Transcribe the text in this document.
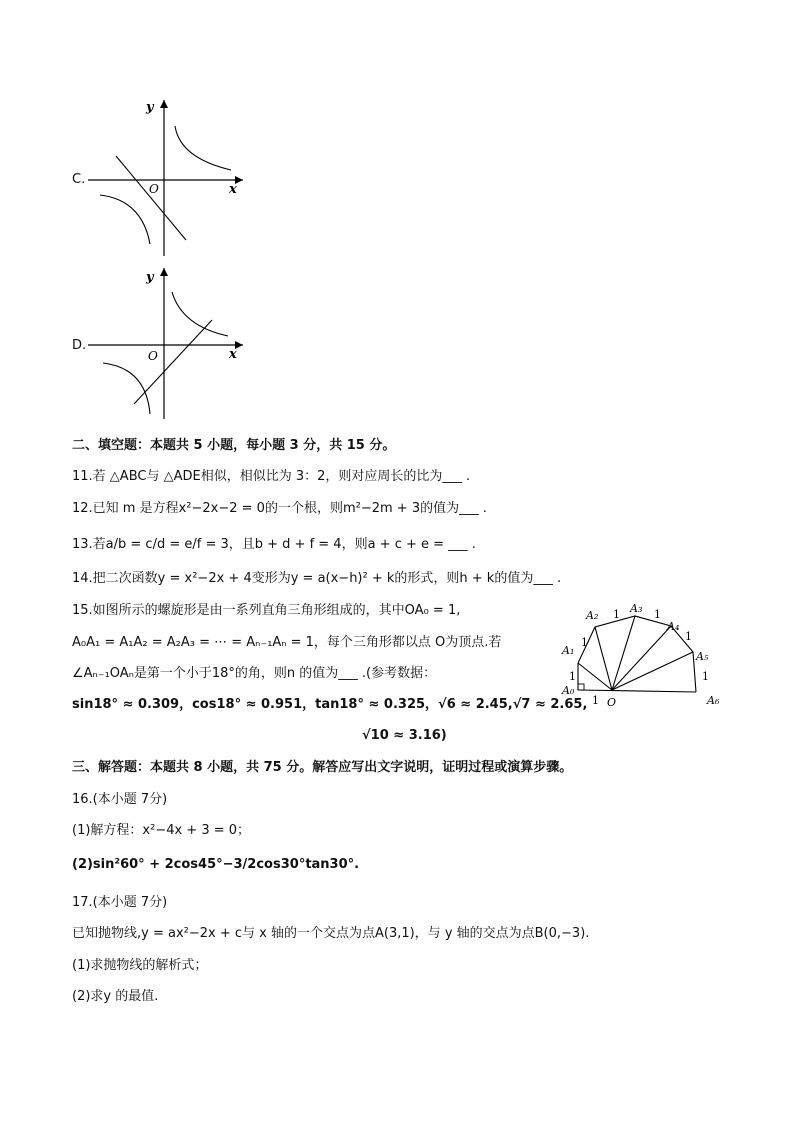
C.
y
x
O
D.
y
x
O
二、填空题：本题共 5 小题，每小题 3 分，共 15 分。
11.若 △ABC与 △ADE相似，相似比为 3：2，则对应周长的比为___ .
12.已知 m 是方程x²−2x−2 = 0的一个根，则m²−2m + 3的值为___ .
13.若a/b = c/d = e/f = 3，且b + d + f = 4，则a + c + e = ___ .
14.把二次函数y = x²−2x + 4变形为y = a(x−h)² + k的形式，则h + k的值为___ .
15.如图所示的螺旋形是由一系列直角三角形组成的，其中OA₀ = 1,
A₀A₁ = A₁A₂ = A₂A₃ = ⋯ = Aₙ₋₁Aₙ = 1，每个三角形都以点 O为顶点.若
∠Aₙ₋₁OAₙ是第一个小于18°的角，则n 的值为___ .(参考数据：
sin18° ≈ 0.309，cos18° ≈ 0.951，tan18° ≈ 0.325，√6 ≈ 2.45,√7 ≈ 2.65,
√10 ≈ 3.16)
A₀
A₁
A₂
A₃
A₄
A₅
A₆
O
1
1
1
1	1
1
1
三、解答题：本题共 8 小题，共 75 分。解答应写出文字说明，证明过程或演算步骤。
16.(本小题 7分)
(1)解方程：x²−4x + 3 = 0；
(2)sin²60° + 2cos45°−3/2cos30°tan30°.
17.(本小题 7分)
已知抛物线,y = ax²−2x + c与 x 轴的一个交点为点A(3,1)，与 y 轴的交点为点B(0,−3).
(1)求抛物线的解析式；
(2)求y 的最值.
